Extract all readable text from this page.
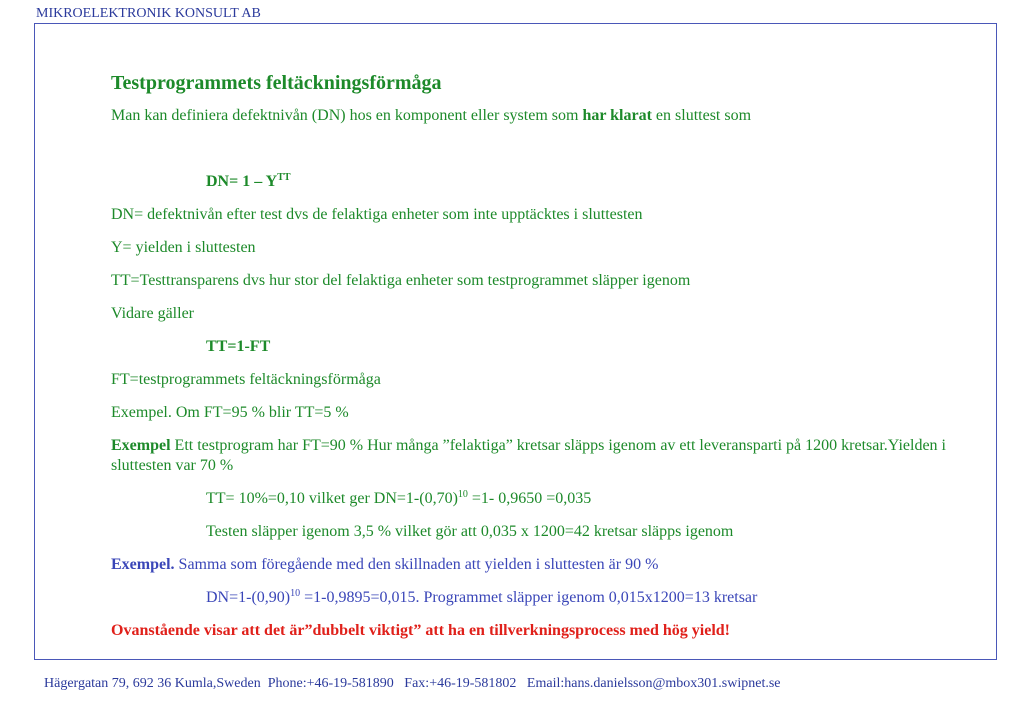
MIKROELEKTRONIK KONSULT AB
Testprogrammets feltäckningsförmåga
Man kan definiera defektnivån (DN) hos en komponent eller system som har klarat en sluttest som
$DN= 1 - Y^{TT}$
DN= defektnivån efter test dvs de felaktiga enheter som inte upptäcktes i sluttesten
Y= yielden i sluttesten
TT=Testtransparens dvs hur stor del felaktiga enheter som testprogrammet släpper igenom
Vidare gäller
TT=1-FT
FT=testprogrammets feltäckningsförmåga
Exempel. Om FT=95 % blir TT=5 %
Exempel Ett testprogram har FT=90 % Hur många ”felaktiga” kretsar släpps igenom av ett leveransparti på 1200 kretsar.Yielden i sluttesten var 70 %
TT= 10%=0,10 vilket ger $DN=1-(0,70)^{10} =1-$ 0,9650 =0,035
Testen släpper igenom 3,5 % vilket gör att 0,035 x 1200=42 kretsar släpps igenom
Exempel. Samma som föregående med den skillnaden att yielden i sluttesten är 90 %
$DN=1-(0,90)^{10} =1-0,9895=0,015$. Programmet släpper igenom 0,015x1200=13 kretsar
Ovanstående visar att det är”dubbelt viktigt” att ha en tillverkningsprocess med hög yield!
Hägergatan 79, 692 36 Kumla,Sweden  Phone:+46-19-581890   Fax:+46-19-581802   Email:hans.danielsson@mbox301.swipnet.se
